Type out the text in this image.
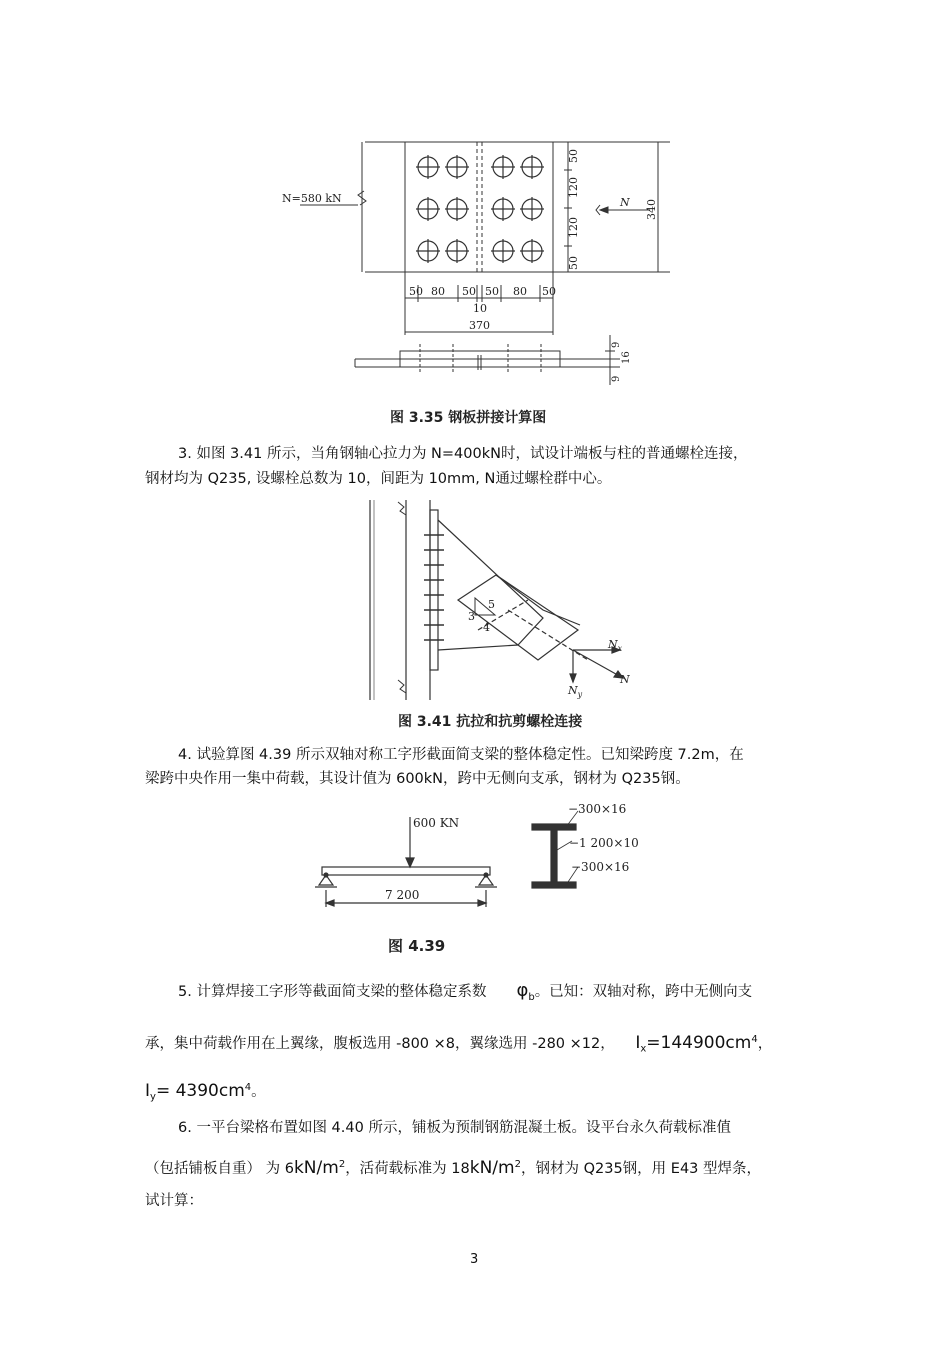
N=580 kN	N
50 80 50 50 80 50
10
370
50
120
120
50
340
9
16
9
图 3.35 钢板拼接计算图
3. 如图 3.41 所示，当角钢轴心拉力为 N=400kN时，试设计端板与柱的普通螺栓连接，
钢材均为 Q235, 设螺栓总数为 10，间距为 10mm, N通过螺栓群中心。
3
4
5
$N_x$
N
$N_y$
图 3.41 抗拉和抗剪螺栓连接
4. 试验算图 4.39 所示双轴对称工字形截面简支梁的整体稳定性。已知梁跨度 7.2m，在
梁跨中央作用一集中荷载，其设计值为 600kN，跨中无侧向支承，钢材为 Q235钢。
600 KN
7 200
−300×16
−1 200×10
−300×16
图 4.39
5. 计算焊接工字形等截面简支梁的整体稳定系数 $\varphi_b$。已知：双轴对称，跨中无侧向支
承，集中荷载作用在上翼缘，腹板选用 -800 ×8，翼缘选用 -280 ×12， $I_x=144900cm^4$，
$I_y= 4390cm^4$。
6. 一平台梁格布置如图 4.40 所示，铺板为预制钢筋混凝土板。设平台永久荷载标准值
（包括铺板自重） 为 $6kN/m^2$，活荷载标准为 $18kN/m^2$，钢材为 Q235钢，用 E43 型焊条，
试计算：
3
